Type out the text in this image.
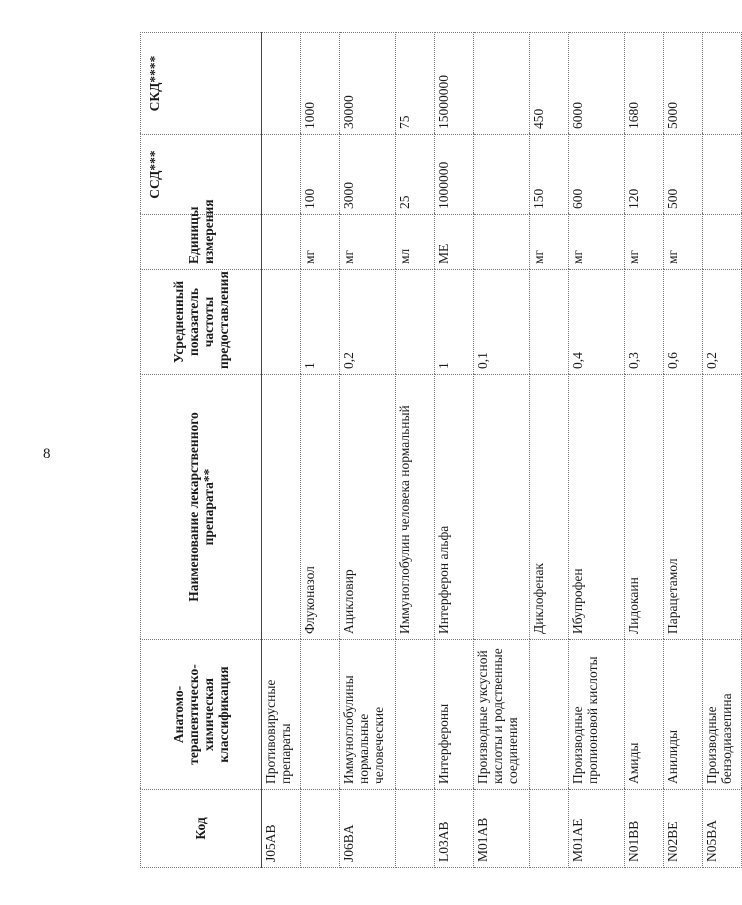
8
Код	Анатомо-терапевтическо-химическая классификация	Наименование лекарственного препарата**	Усредненный показатель частоты предоставления	Единицы измерения	ССД***	СКД****
J05AB	Противовирусные препараты					
		Флуконазол	1	мг	100	1000
J06BA	Иммуноглобулины нормальные человеческие	Ацикловир	0,2	мг	3000	30000
		Иммуноглобулин человека нормальный		мл	25	75
L03AB	Интерфероны	Интерферон альфа	1	МЕ	1000000	15000000
M01AB	Производные уксусной кислоты и родственные соединения		0,1			
		Диклофенак		мг	150	450
M01AE	Производные пропионовой кислоты	Ибупрофен	0,4	мг	600	6000
N01BB	Амиды	Лидокаин	0,3	мг	120	1680
N02BE	Анилиды	Парацетамол	0,6	мг	500	5000
N05BA	Производные бензодиазепина		0,2			
